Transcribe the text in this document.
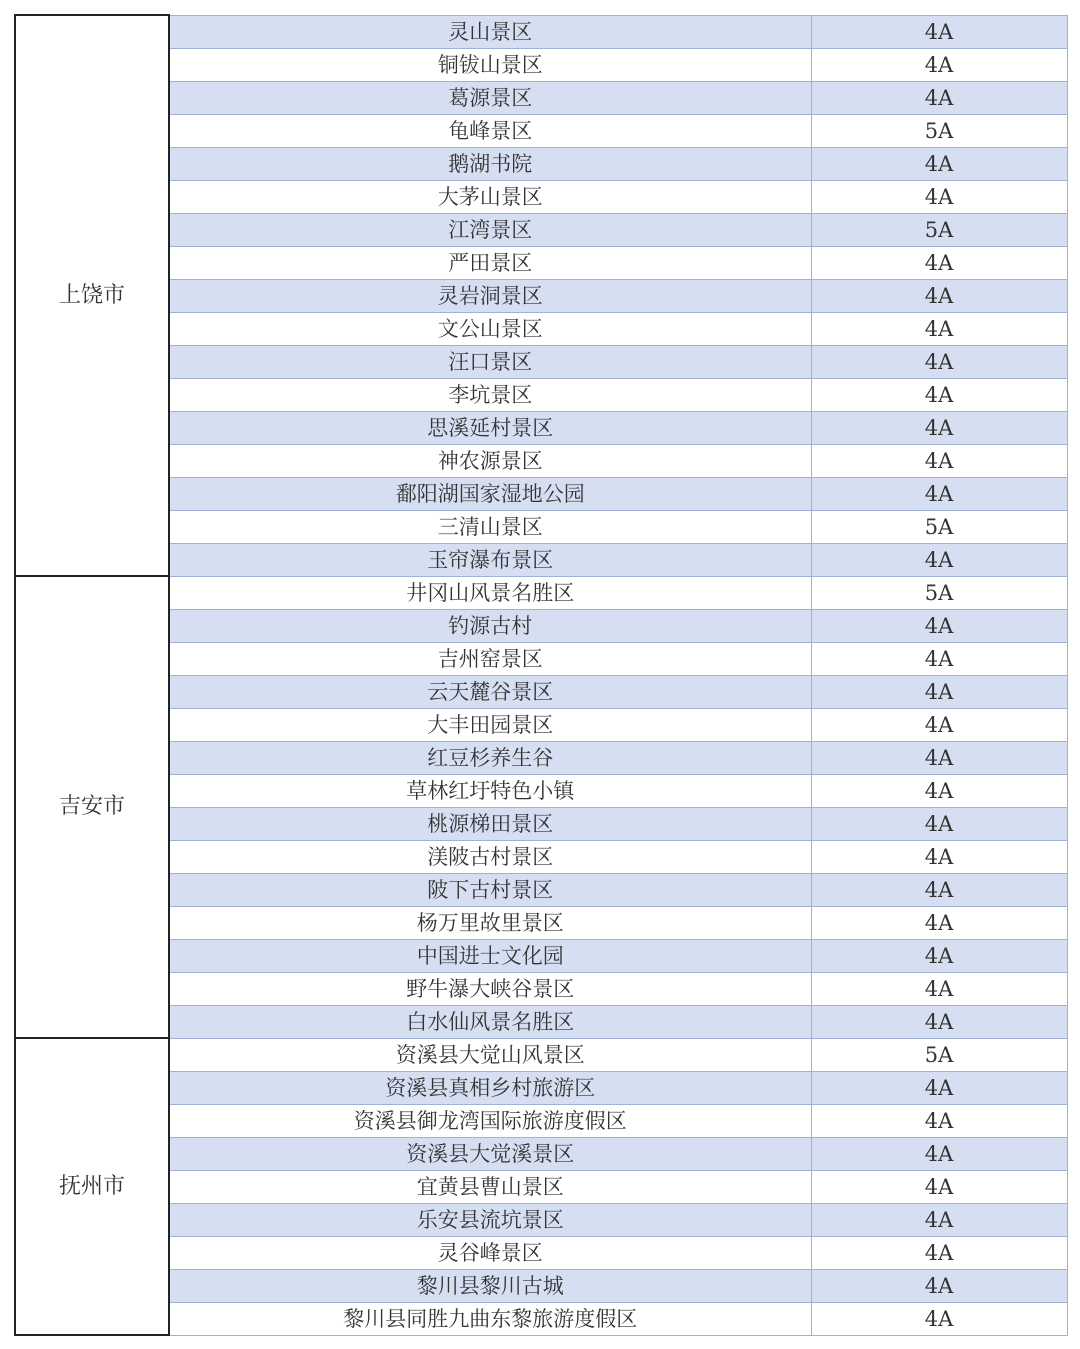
上饶市	灵山景区	4A
	铜钹山景区	4A
	葛源景区	4A
	龟峰景区	5A
	鹅湖书院	4A
	大茅山景区	4A
	江湾景区	5A
	严田景区	4A
	灵岩洞景区	4A
	文公山景区	4A
	汪口景区	4A
	李坑景区	4A
	思溪延村景区	4A
	神农源景区	4A
	鄱阳湖国家湿地公园	4A
	三清山景区	5A
	玉帘瀑布景区	4A
吉安市	井冈山风景名胜区	5A
	钓源古村	4A
	吉州窑景区	4A
	云天麓谷景区	4A
	大丰田园景区	4A
	红豆杉养生谷	4A
	草林红圩特色小镇	4A
	桃源梯田景区	4A
	渼陂古村景区	4A
	陂下古村景区	4A
	杨万里故里景区	4A
	中国进士文化园	4A
	野牛瀑大峡谷景区	4A
	白水仙风景名胜区	4A
抚州市	资溪县大觉山风景区	5A
	资溪县真相乡村旅游区	4A
	资溪县御龙湾国际旅游度假区	4A
	资溪县大觉溪景区	4A
	宜黄县曹山景区	4A
	乐安县流坑景区	4A
	灵谷峰景区	4A
	黎川县黎川古城	4A
	黎川县同胜九曲东黎旅游度假区	4A
